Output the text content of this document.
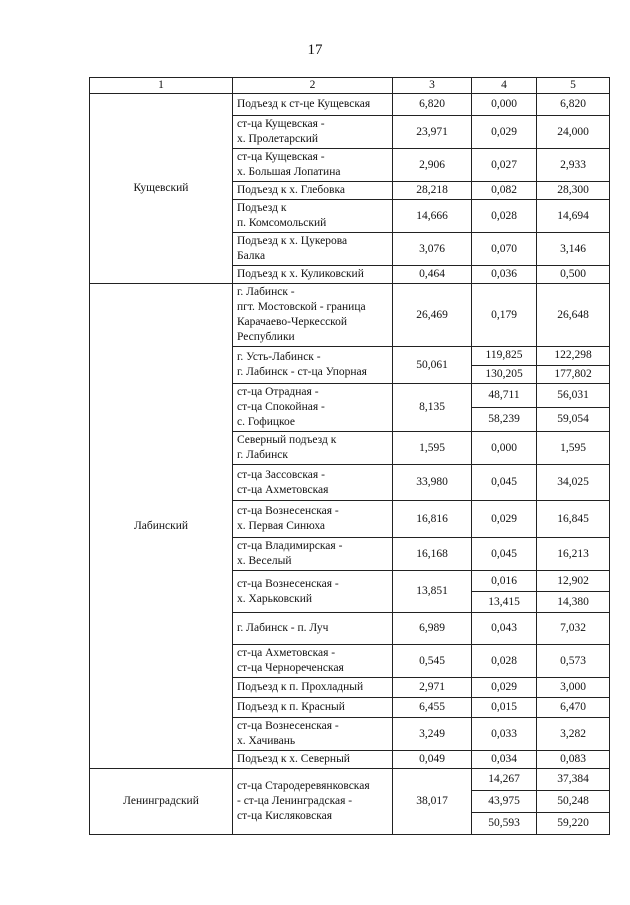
17
1	2	3	4	5
Кущевский	Подъезд к ст-це Кущевская	6,820	0,000	6,820

	ст-ца Кущевская -
х. Пролетарский	23,971	0,029	24,000

	ст-ца Кущевская -
х. Большая Лопатина	2,906	0,027	2,933

	Подъезд к х. Глебовка	28,218	0,082	28,300

	Подъезд к
п. Комсомольский	14,666	0,028	14,694

	Подъезд к х. Цукерова
Балка	3,076	0,070	3,146

	Подъезд к х. Куликовский	0,464	0,036	0,500
Лабинский	г. Лабинск -
пгт. Мостовской - граница
Карачаево-Черкесской
Республики	26,469	0,179	26,648

	г. Усть-Лабинск -
г. Лабинск - ст-ца Упорная	50,061	119,825	122,298
			130,205	177,802

	ст-ца Отрадная -
ст-ца Спокойная -
с. Гофицкое	8,135	48,711	56,031
			58,239	59,054

	Северный подъезд к
г. Лабинск	1,595	0,000	1,595

	ст-ца Зассовская -
ст-ца Ахметовская	33,980	0,045	34,025

	ст-ца Вознесенская -
х. Первая Синюха	16,816	0,029	16,845

	ст-ца Владимирская -
х. Веселый	16,168	0,045	16,213

	ст-ца Вознесенская -
х. Харьковский	13,851	0,016	12,902
			13,415	14,380

	г. Лабинск - п. Луч	6,989	0,043	7,032

	ст-ца Ахметовская -
ст-ца Чернореченская	0,545	0,028	0,573

	Подъезд к п. Прохладный	2,971	0,029	3,000

	Подъезд к п. Красный	6,455	0,015	6,470

	ст-ца Вознесенская -
х. Хачивань	3,249	0,033	3,282

	Подъезд к х. Северный	0,049	0,034	0,083
Ленинградский	ст-ца Стародеревянковская
- ст-ца Ленинградская -
ст-ца Кисляковская	38,017	14,267	37,384
			43,975	50,248
			50,593	59,220
